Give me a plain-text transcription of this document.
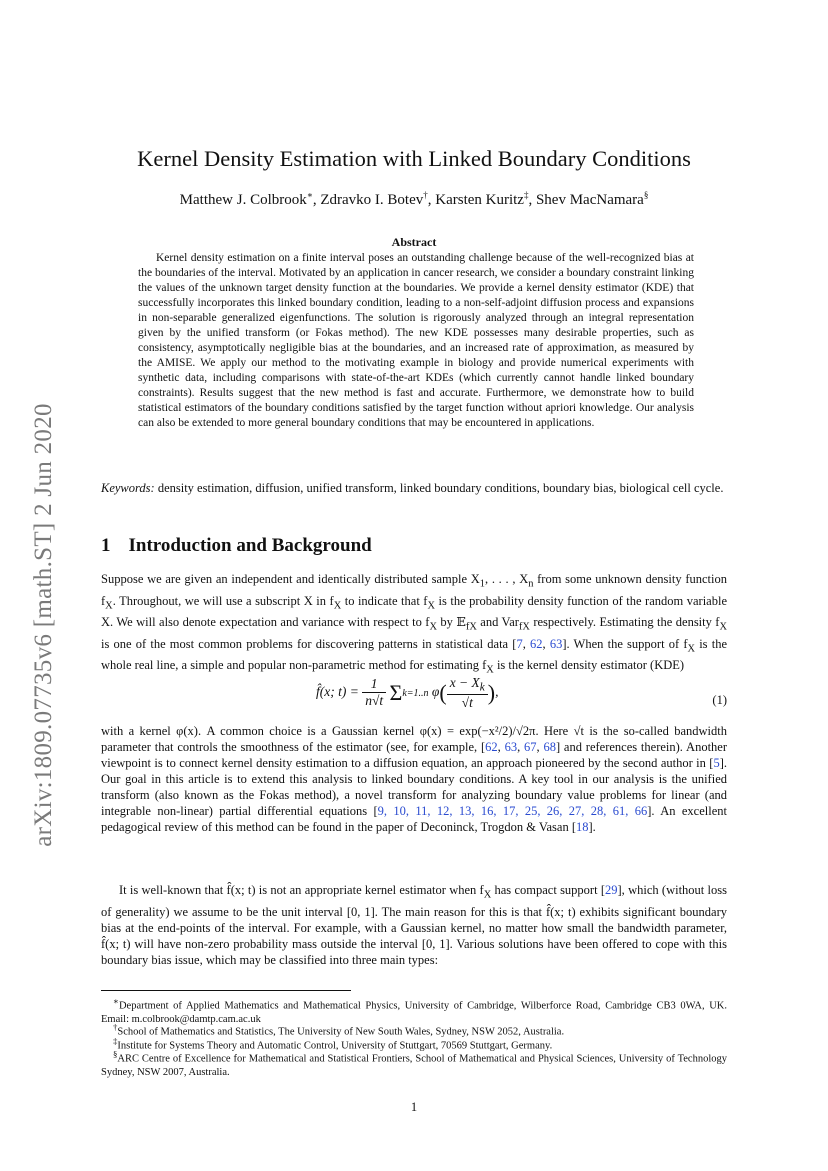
arXiv:1809.07735v6 [math.ST] 2 Jun 2020
Kernel Density Estimation with Linked Boundary Conditions
Matthew J. Colbrook∗, Zdravko I. Botev†, Karsten Kuritz‡, Shev MacNamara§
Abstract
Kernel density estimation on a finite interval poses an outstanding challenge because of the well-recognized bias at the boundaries of the interval. Motivated by an application in cancer research, we consider a boundary constraint linking the values of the unknown target density function at the boundaries. We provide a kernel density estimator (KDE) that successfully incorporates this linked boundary condition, leading to a non-self-adjoint diffusion process and expansions in non-separable generalized eigenfunctions. The solution is rigorously analyzed through an integral representation given by the unified transform (or Fokas method). The new KDE possesses many desirable properties, such as consistency, asymptotically negligible bias at the boundaries, and an increased rate of approximation, as measured by the AMISE. We apply our method to the motivating example in biology and provide numerical experiments with synthetic data, including comparisons with state-of-the-art KDEs (which currently cannot handle linked boundary constraints). Results suggest that the new method is fast and accurate. Furthermore, we demonstrate how to build statistical estimators of the boundary conditions satisfied by the target function without apriori knowledge. Our analysis can also be extended to more general boundary conditions that may be encountered in applications.
Keywords: density estimation, diffusion, unified transform, linked boundary conditions, boundary bias, biological cell cycle.
1 Introduction and Background
Suppose we are given an independent and identically distributed sample $X_1$, . . . , $X_n$ from some unknown density function $f_X$. Throughout, we will use a subscript X in $f_X$ to indicate that $f_X$ is the probability density function of the random variable X. We will also denote expectation and variance with respect to $f_X$ by 𝔼$_{fX}$ and Var$_{fX}$ respectively. Estimating the density $f_X$ is one of the most common problems for discovering patterns in statistical data [7, 62, 63]. When the support of $f_X$ is the whole real line, a simple and popular non-parametric method for estimating $f_X$ is the kernel density estimator (KDE)
f̂(x; $t) = \frac{1}{n√t} \Sigma k=1..n$ $\varphi( \frac{x - X_k}{√t}$ ),
(1)
with a kernel φ(x). A common choice is a Gaussian kernel φ(x) = exp(−x²/2)/√2π. Here √t is the so-called bandwidth parameter that controls the smoothness of the estimator (see, for example, [62, 63, 67, 68] and references therein). Another viewpoint is to connect kernel density estimation to a diffusion equation, an approach pioneered by the second author in [5]. Our goal in this article is to extend this analysis to linked boundary conditions. A key tool in our analysis is the unified transform (also known as the Fokas method), a novel transform for analyzing boundary value problems for linear (and integrable non-linear) partial differential equations [9, 10, 11, 12, 13, 16, 17, 25, 26, 27, 28, 61, 66]. An excellent pedagogical review of this method can be found in the paper of Deconinck, Trogdon & Vasan [18].
It is well-known that f̂(x; t) is not an appropriate kernel estimator when $f_X$ has compact support [29], which (without loss of generality) we assume to be the unit interval [0, 1]. The main reason for this is that f̂(x; t) exhibits significant boundary bias at the end-points of the interval. For example, with a Gaussian kernel, no matter how small the bandwidth parameter, f̂(x; t) will have non-zero probability mass outside the interval [0, 1]. Various solutions have been offered to cope with this boundary bias issue, which may be classified into three main types:
∗Department of Applied Mathematics and Mathematical Physics, University of Cambridge, Wilberforce Road, Cambridge CB3 0WA, UK. Email: m.colbrook@damtp.cam.ac.uk
†School of Mathematics and Statistics, The University of New South Wales, Sydney, NSW 2052, Australia.
‡Institute for Systems Theory and Automatic Control, University of Stuttgart, 70569 Stuttgart, Germany.
§ARC Centre of Excellence for Mathematical and Statistical Frontiers, School of Mathematical and Physical Sciences, University of Technology Sydney, NSW 2007, Australia.
1
